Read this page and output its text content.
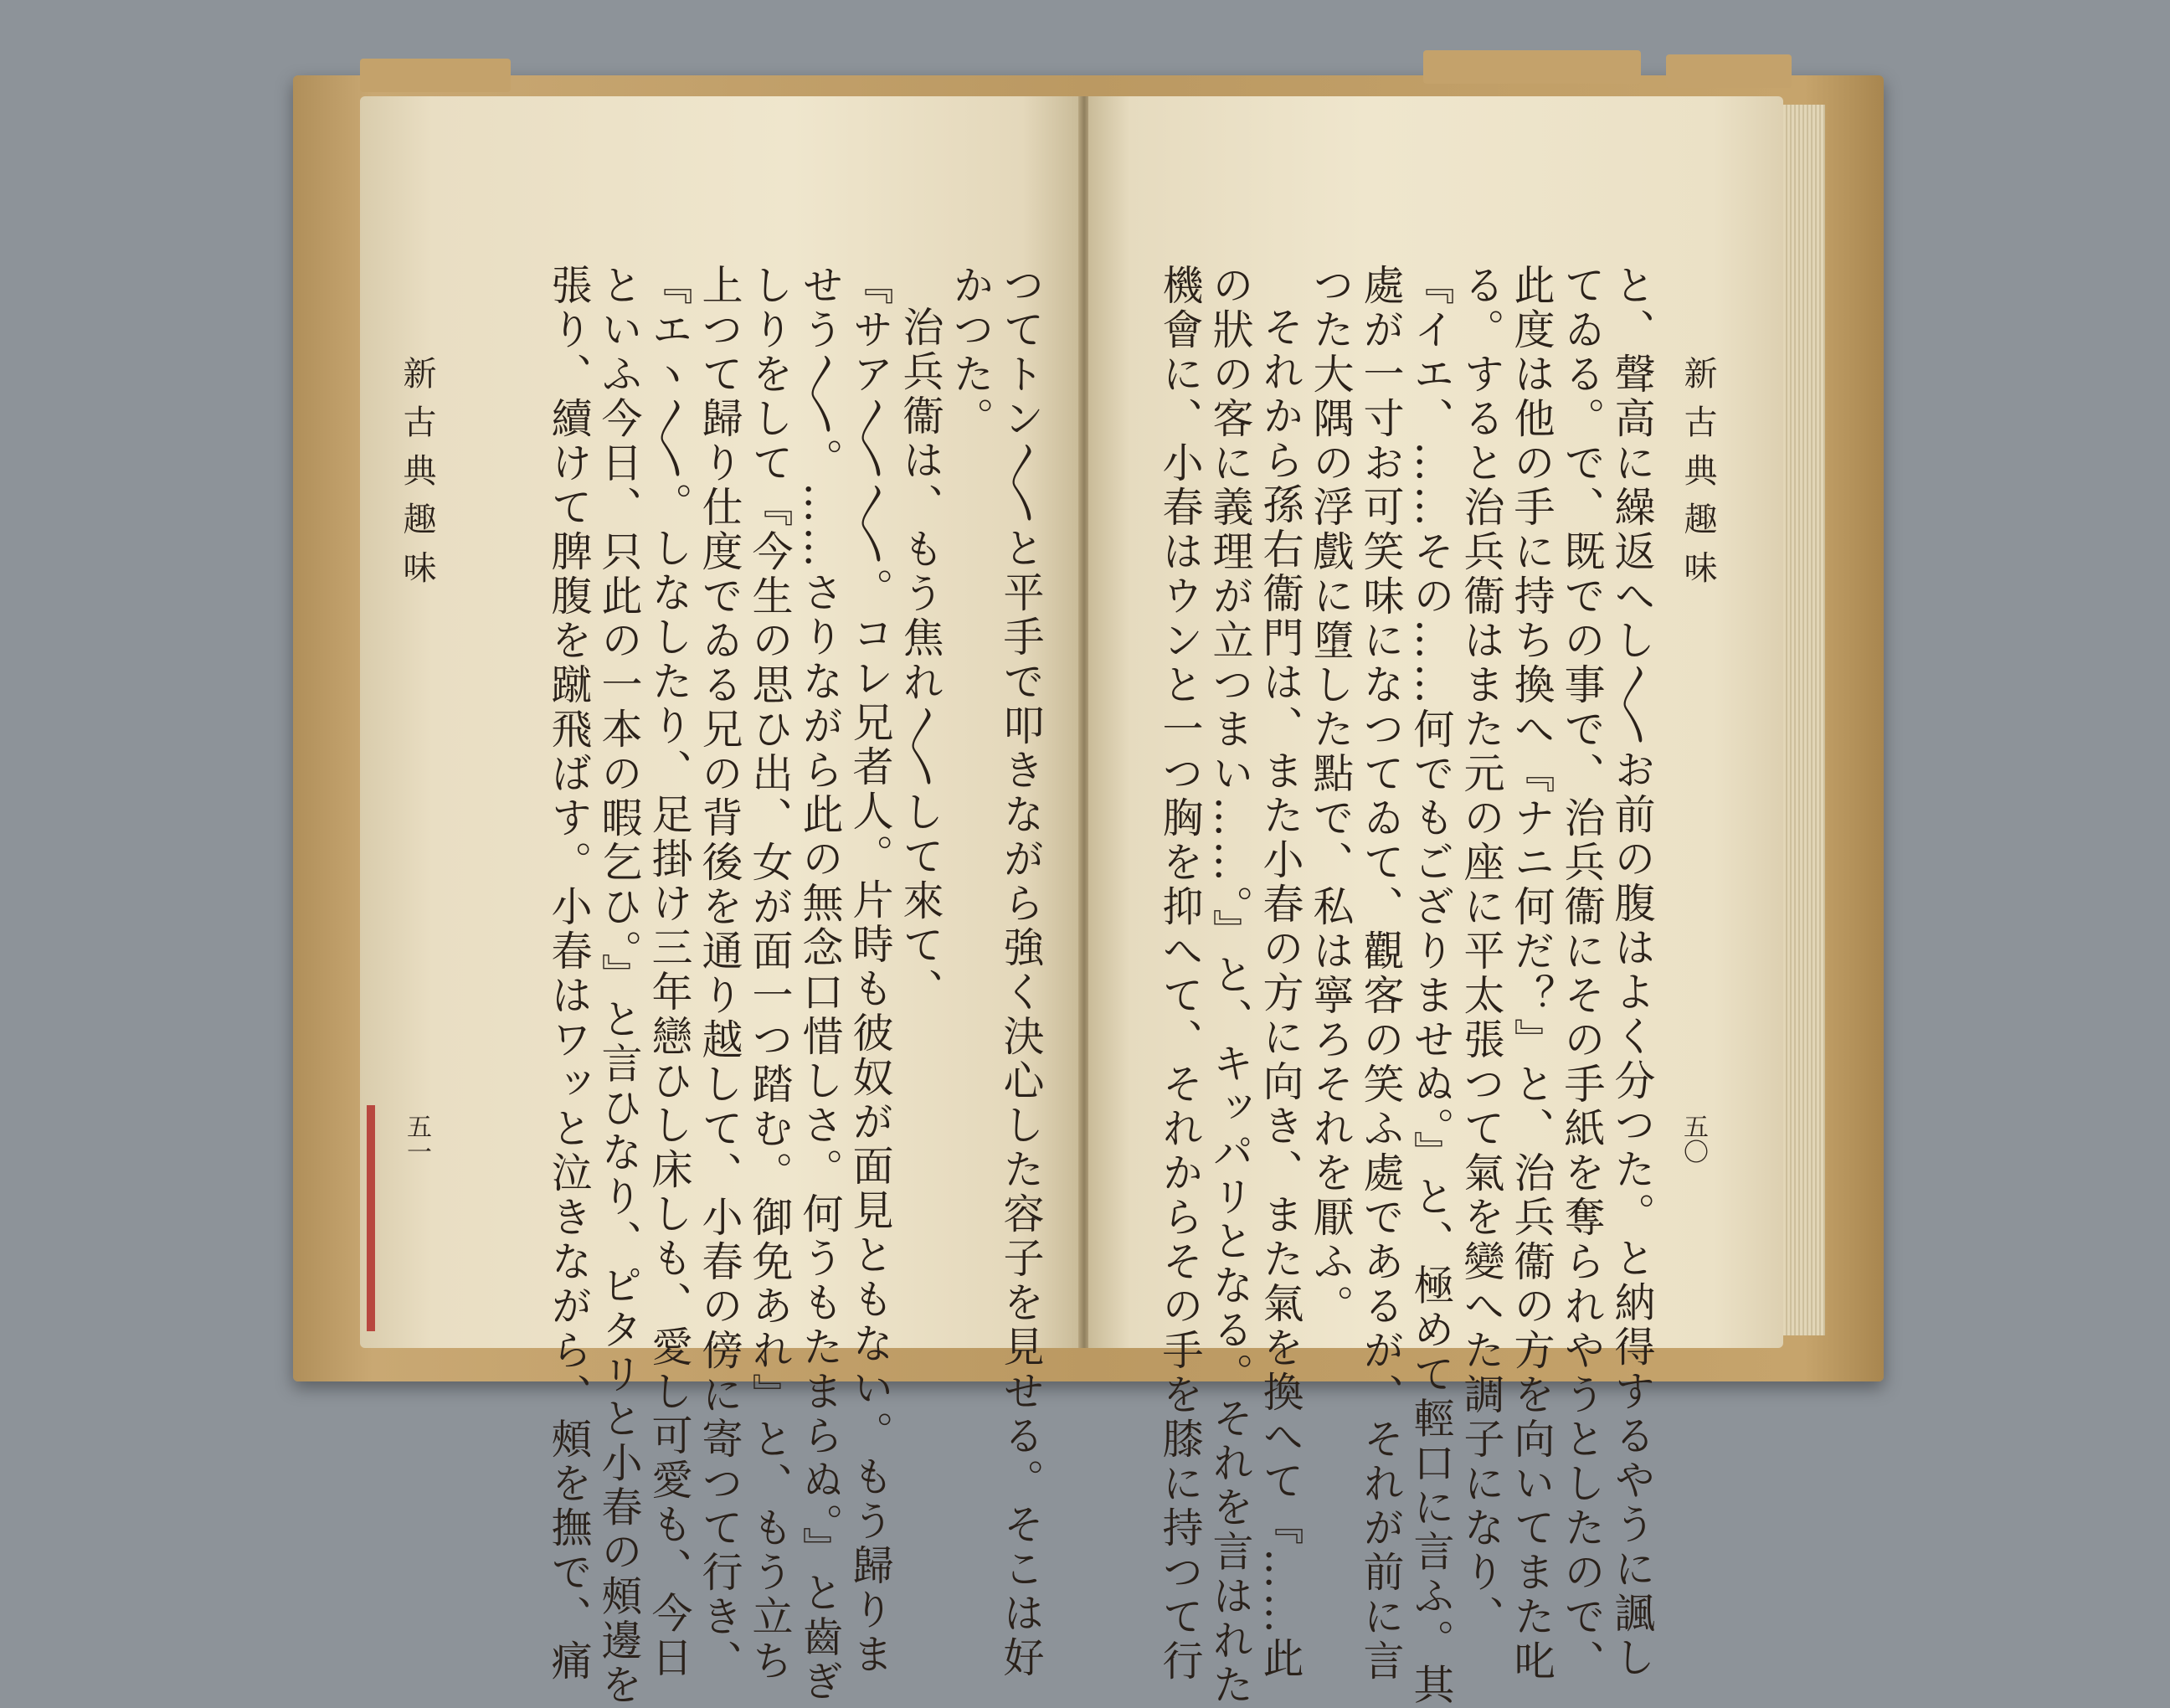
新古典趣味
五一	つてトン〳〵と平手で叩きながら強く決心した容子を見せる。そこは好
かつた。
治兵衞は、もう焦れ〳〵して來て、
『サア〳〵〳〵。コレ兄者人。片時も彼奴が面見ともない。もう歸りま
せう〳〵。……さりながら此の無念口惜しさ。何うもたまらぬ。』と齒ぎ
しりをして『今生の思ひ出、女が面一つ踏む。御免あれ』と、もう立ち
上つて歸り仕度でゐる兄の背後を通り越して、小春の傍に寄つて行き、
『エヽ〳〵。しなしたり、足掛け三年戀ひし床しも、愛し可愛も、今日
といふ今日、只此の一本の暇乞ひ。』と言ひなり、ピタリと小春の頰邊を
張り、續けて脾腹を蹴飛ばす。小春はワッと泣きながら、頰を撫で、痛	新古典趣味
五〇
と、聲高に繰返へし〳〵お前の腹はよく分つた。と納得するやうに諷し
てゐる。で、既での事で、治兵衞にその手紙を奪られやうとしたので、
此度は他の手に持ち換へ『ナニ何だ？』と、治兵衞の方を向いてまた叱
る。すると治兵衞はまた元の座に平太張つて氣を變へた調子になり、
『イエ、……その……何でもござりませぬ。』と、極めて輕口に言ふ。其
處が一寸お可笑味になつてゐて、觀客の笑ふ處であるが、それが前に言
つた大隅の浮戲に墮した點で、私は寧ろそれを厭ふ。
それから孫右衞門は、また小春の方に向き、また氣を換へて『……此
の狀の客に義理が立つまい……。』と、キッパリとなる。それを言はれた
機會に、小春はウンと一つ胸を抑へて、それからその手を膝に持つて行
